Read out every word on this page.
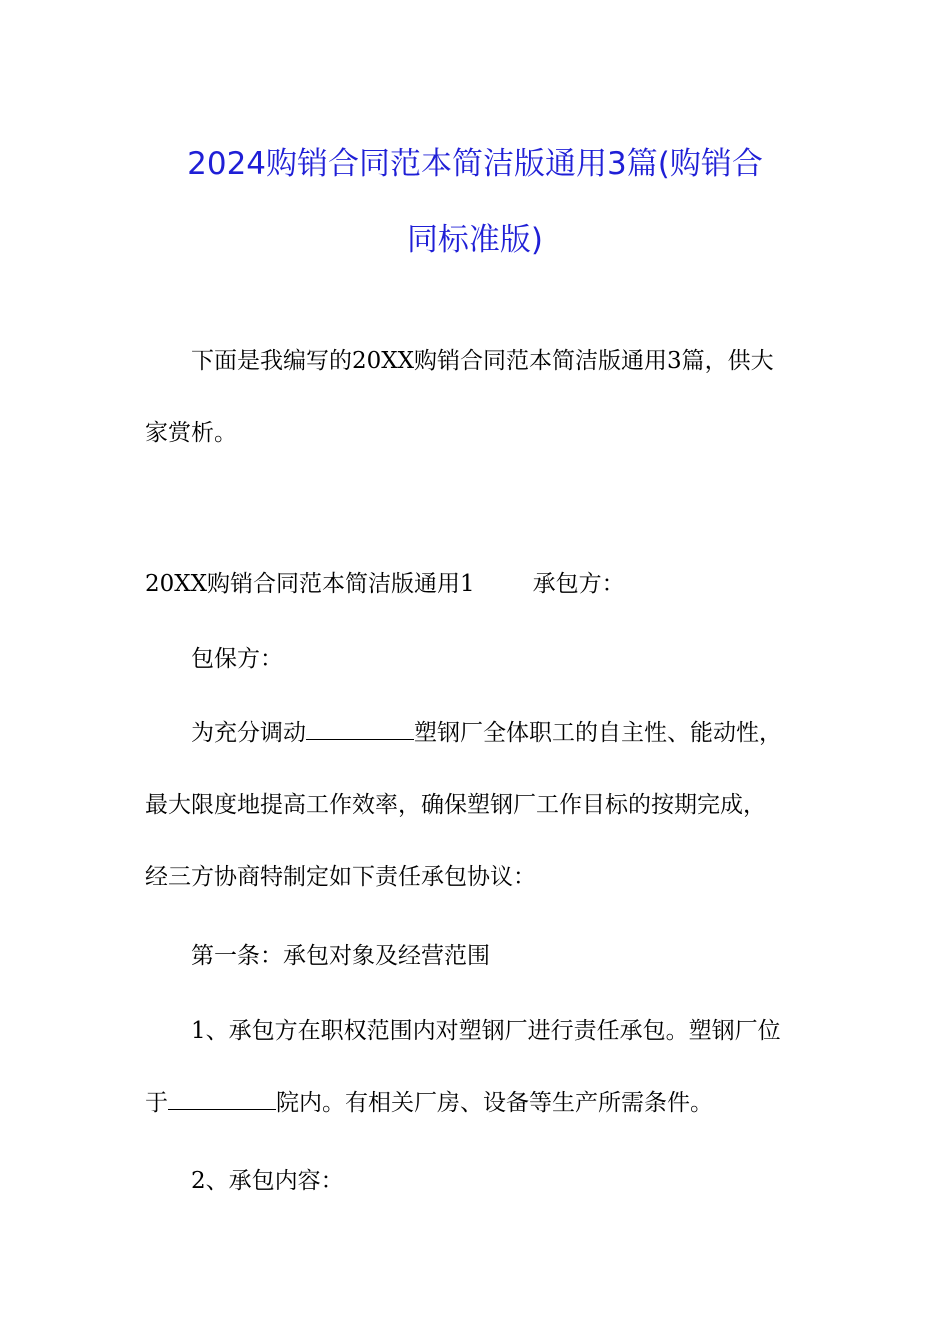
2024购销合同范本简洁版通用3篇(购销合
同标准版)

下面是我编写的20XX购销合同范本简洁版通用3篇，供大
家赏析。

20XX购销合同范本简洁版通用1	承包方：

包保方：

为充分调动	塑钢厂全体职工的自主性、能动性，
最大限度地提高工作效率，确保塑钢厂工作目标的按期完成，
经三方协商特制定如下责任承包协议：

第一条：承包对象及经营范围

1、承包方在职权范围内对塑钢厂进行责任承包。塑钢厂位
于	院内。有相关厂房、设备等生产所需条件。

2、承包内容：
